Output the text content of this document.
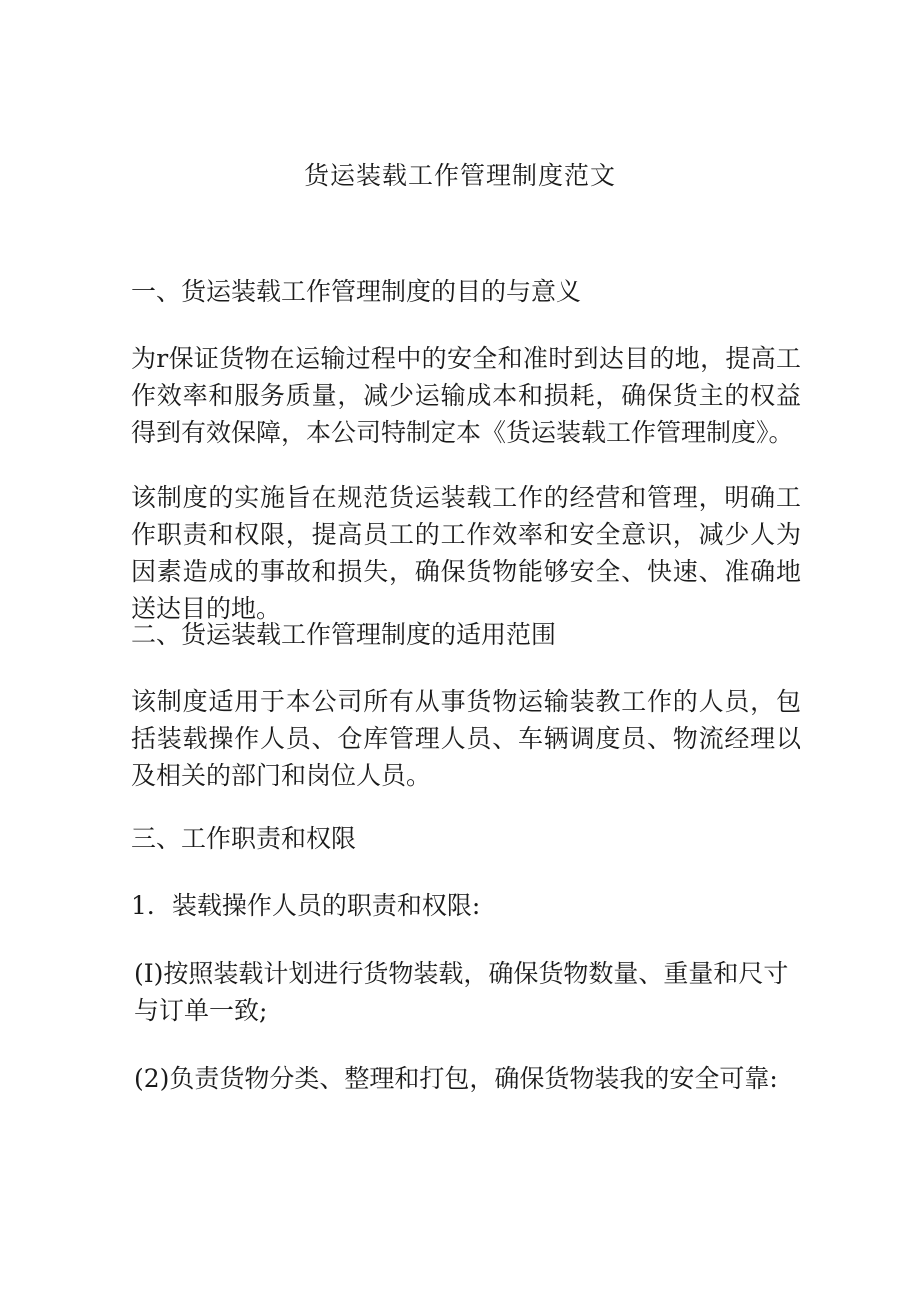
货运装载工作管理制度范文
一、货运装载工作管理制度的目的与意义
为r保证货物在运输过程中的安全和准时到达目的地，提高工作效率和服务质量，减少运输成本和损耗，确保货主的权益得到有效保障，本公司特制定本《货运装载工作管理制度》。
该制度的实施旨在规范货运装载工作的经营和管理，明确工作职责和权限，提高员工的工作效率和安全意识，减少人为因素造成的事故和损失，确保货物能够安全、快速、准确地送达目的地。
二、货运装载工作管理制度的适用范围
该制度适用于本公司所有从事货物运输装教工作的人员，包括装载操作人员、仓库管理人员、车辆调度员、物流经理以及相关的部门和岗位人员。
三、工作职责和权限
1．装载操作人员的职责和权限:
(I)按照装载计划进行货物装载，确保货物数量、重量和尺寸与订单一致;
(2)负责货物分类、整理和打包，确保货物装我的安全可靠:
